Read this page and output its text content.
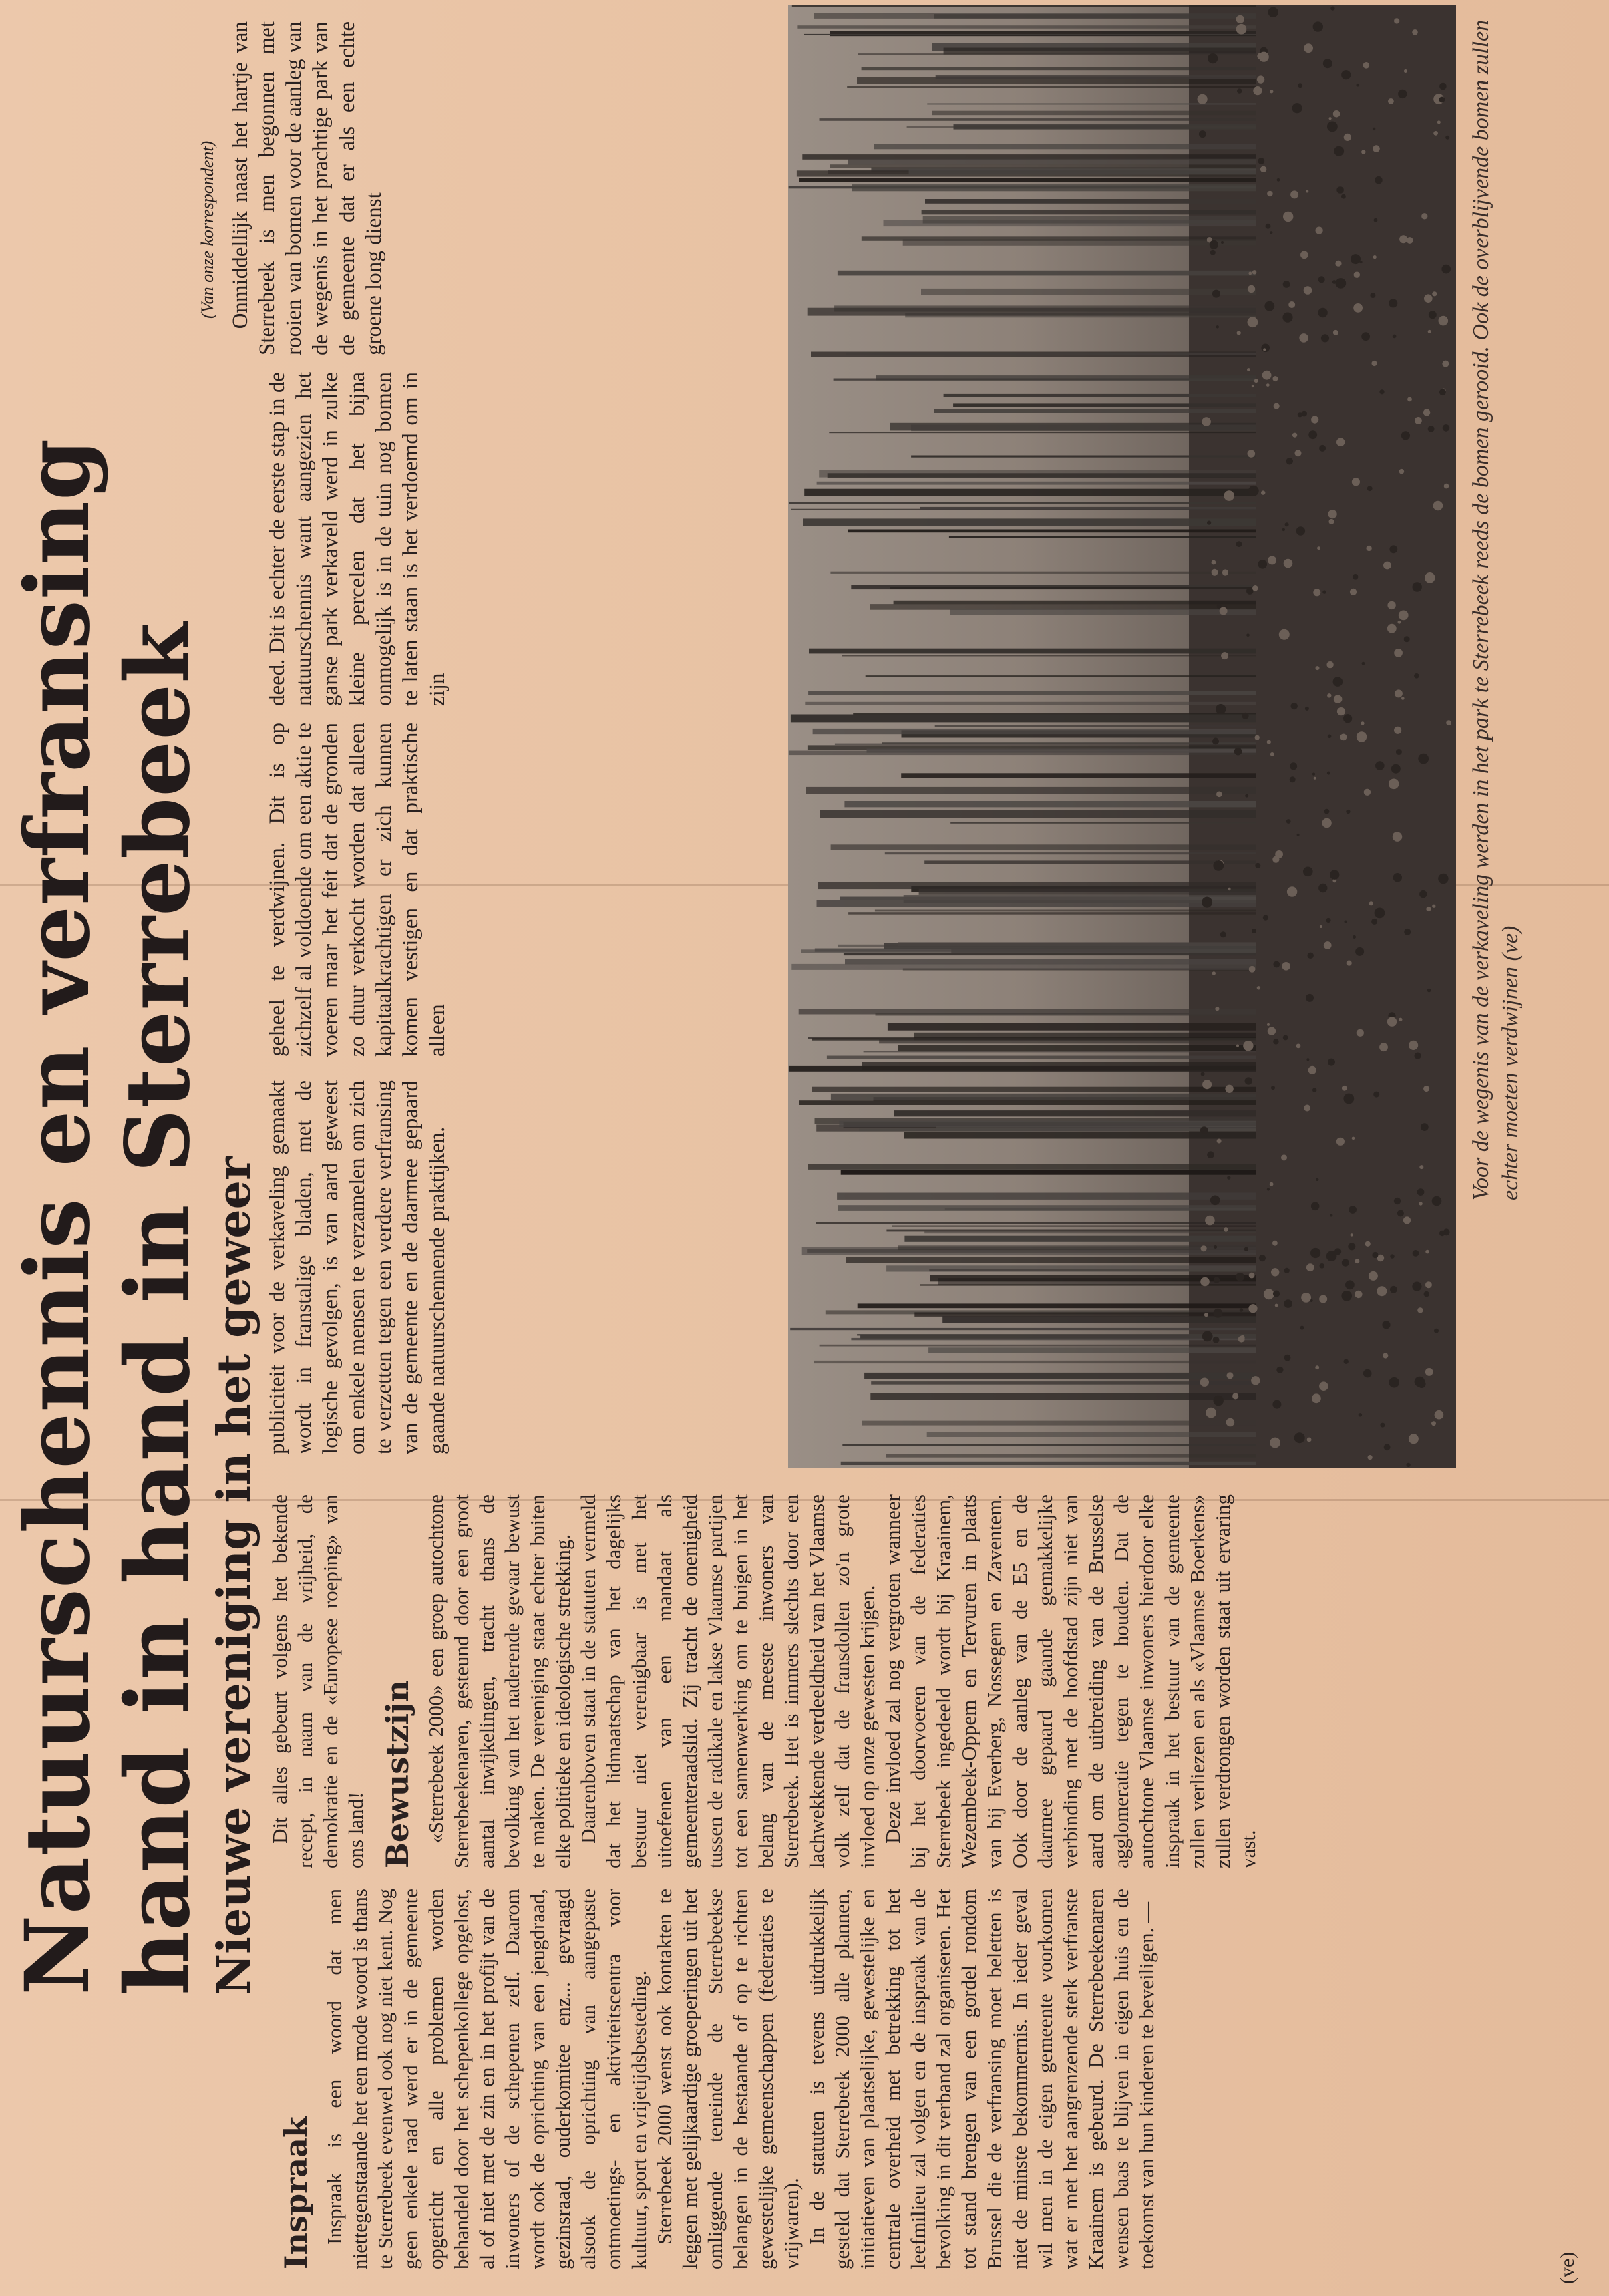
Natuurschennis en verfransing
hand in hand in Sterrebeek
Nieuwe vereniging in het geweer
(Van onze korrespondent) Onmiddellijk naast het hartje van Sterrebeek is men begonnen met rooien van bomen voor de aanleg van de wegenis in het prachtige park van de gemeente dat er als een echte groene long dienst

deed. Dit is echter de eerste stap in de natuurschennis want aangezien het ganse park verkaveld werd in zulke kleine percelen dat het bijna onmogelijk is in de tuin nog bomen te laten staan is het verdoemd om in zijn

geheel te verdwijnen. Dit is op zichzelf al voldoende om een aktie te voeren maar het feit dat de gronden zo duur verkocht worden dat alleen kapitaalkrachtigen er zich kunnen komen vestigen en dat praktische alleen

publiciteit voor de verkaveling gemaakt wordt in franstalige bladen, met de logische gevolgen, is van aard geweest om enkele mensen te verzamelen om zich te verzetten tegen een verdere verfransing van de gemeente en de daarmee gepaard gaande natuurschennende praktijken.

Voor de wegenis van de verkaveling werden in het park te Sterrebeek reeds de bomen gerooid. Ook de overblijvende bomen zullen echter moeten verdwijnen (ve)

Dit alles gebeurt volgens het bekende recept, in naam van de vrijheid, de demokratie en de «Europese roeping» van ons land! Bewustzijn «Sterrebeek 2000» een groep autochtone Sterrebeekenaren, gesteund door een groot aantal inwijkelingen, tracht thans de bevolking van het naderende gevaar bewust te maken. De vereniging staat echter buiten elke politieke en ideologische strekking. Daarenboven staat in de statuten vermeld dat het lidmaatschap van het dagelijks bestuur niet verenigbaar is met het uitoefenen van een mandaat als gemeenteraadslid. Zij tracht de onenigheid tussen de radikale en lakse Vlaamse partijen tot een samenwerking om te buigen in het belang van de meeste inwoners van Sterrebeek. Het is immers slechts door een lachwekkende verdeeldheid van het Vlaamse volk zelf dat de fransdollen zo'n grote invloed op onze gewesten krijgen. Deze invloed zal nog vergroten wanneer bij het doorvoeren van de federaties Sterrebeek ingedeeld wordt bij Kraainem, Wezembeek-Oppem en Tervuren in plaats van bij Everberg, Nossegem en Zaventem. Ook door de aanleg van de E5 en de daarmee gepaard gaande gemakkelijke verbinding met de hoofdstad zijn niet van aard om de uitbreiding van de Brusselse agglomeratie tegen te houden. Dat de autochtone Vlaamse inwoners hierdoor elke inspraak in het bestuur van de gemeente zullen verliezen en als «Vlaamse Boerkens» zullen verdrongen worden staat uit ervaring vast.

Inspraak Inspraak is een woord dat men niettegenstaande het een mode woord is thans te Sterrebeek evenwel ook nog niet kent. Nog geen enkele raad werd er in de gemeente opgericht en alle problemen worden behandeld door het schepenkollege opgelost, al of niet met de zin en in het profijt van de inwoners of de schepenen zelf. Daarom wordt ook de oprichting van een jeugdraad, gezinsraad, ouderkomitee enz... gevraagd alsook de oprichting van aangepaste ontmoetings- en aktiviteitscentra voor kultuur, sport en vrijetijdsbesteding. Sterrebeek 2000 wenst ook kontakten te leggen met gelijkaardige groeperingen uit het omliggende teneinde de Sterrebeekse belangen in de bestaande of op te richten gewestelijke gemeenschappen (federaties te vrijwaren). In de statuten is tevens uitdrukkelijk gesteld dat Sterrebeek 2000 alle plannen, initiatieven van plaatselijke, gewestelijke en centrale overheid met betrekking tot het leefmilieu zal volgen en de inspraak van de bevolking in dit verband zal organiseren. Het tot stand brengen van een gordel rondom Brussel die de verfransing moet beletten is niet de minste bekommernis. In ieder geval wil men in de eigen gemeente voorkomen wat er met het aangrenzende sterk verfranste Kraainem is gebeurd. De Sterrebeekenaren wensen baas te blijven in eigen huis en de toekomst van hun kinderen te beveiligen. —	(ve)
